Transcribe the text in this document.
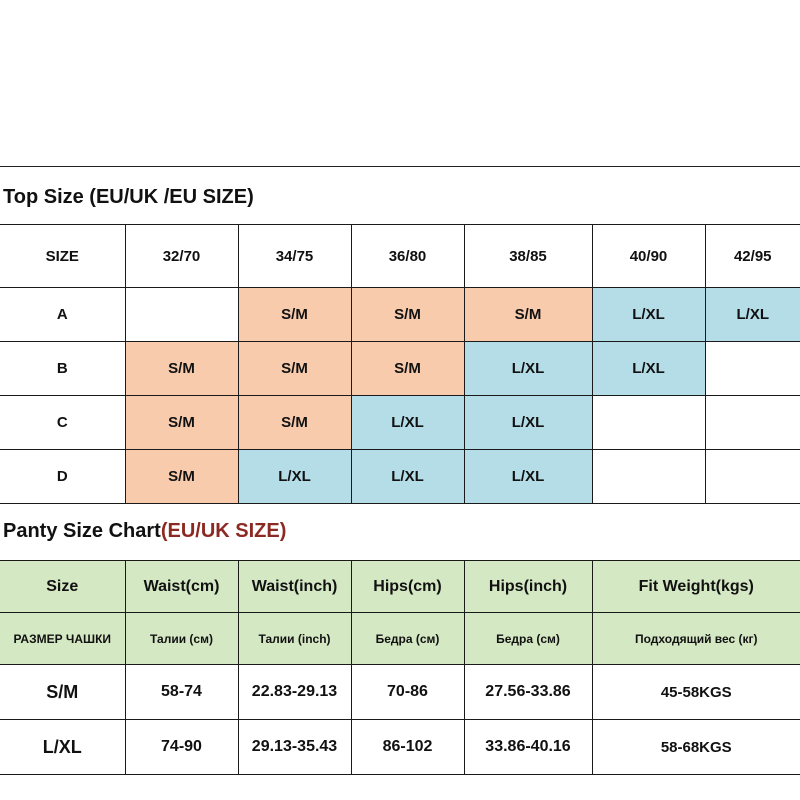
Top Size (EU/UK /EU SIZE)
SIZE	32/70	34/75	36/80	38/85	40/90	42/95
A		S/M	S/M	S/M	L/XL	L/XL
B	S/M	S/M	S/M	L/XL	L/XL	
C	S/M	S/M	L/XL	L/XL		
D	S/M	L/XL	L/XL	L/XL		
Panty Size Chart(EU/UK SIZE)
Size	Waist(cm)	Waist(inch)	Hips(cm)	Hips(inch)	Fit Weight(kgs)
РАЗМЕР ЧАШКИ	Талии (см)	Талии (inch)	Бедра (см)	Бедра (см)	Подходящий вес (кг)
S/M	58-74	22.83-29.13	70-86	27.56-33.86	45-58KGS
L/XL	74-90	29.13-35.43	86-102	33.86-40.16	58-68KGS
